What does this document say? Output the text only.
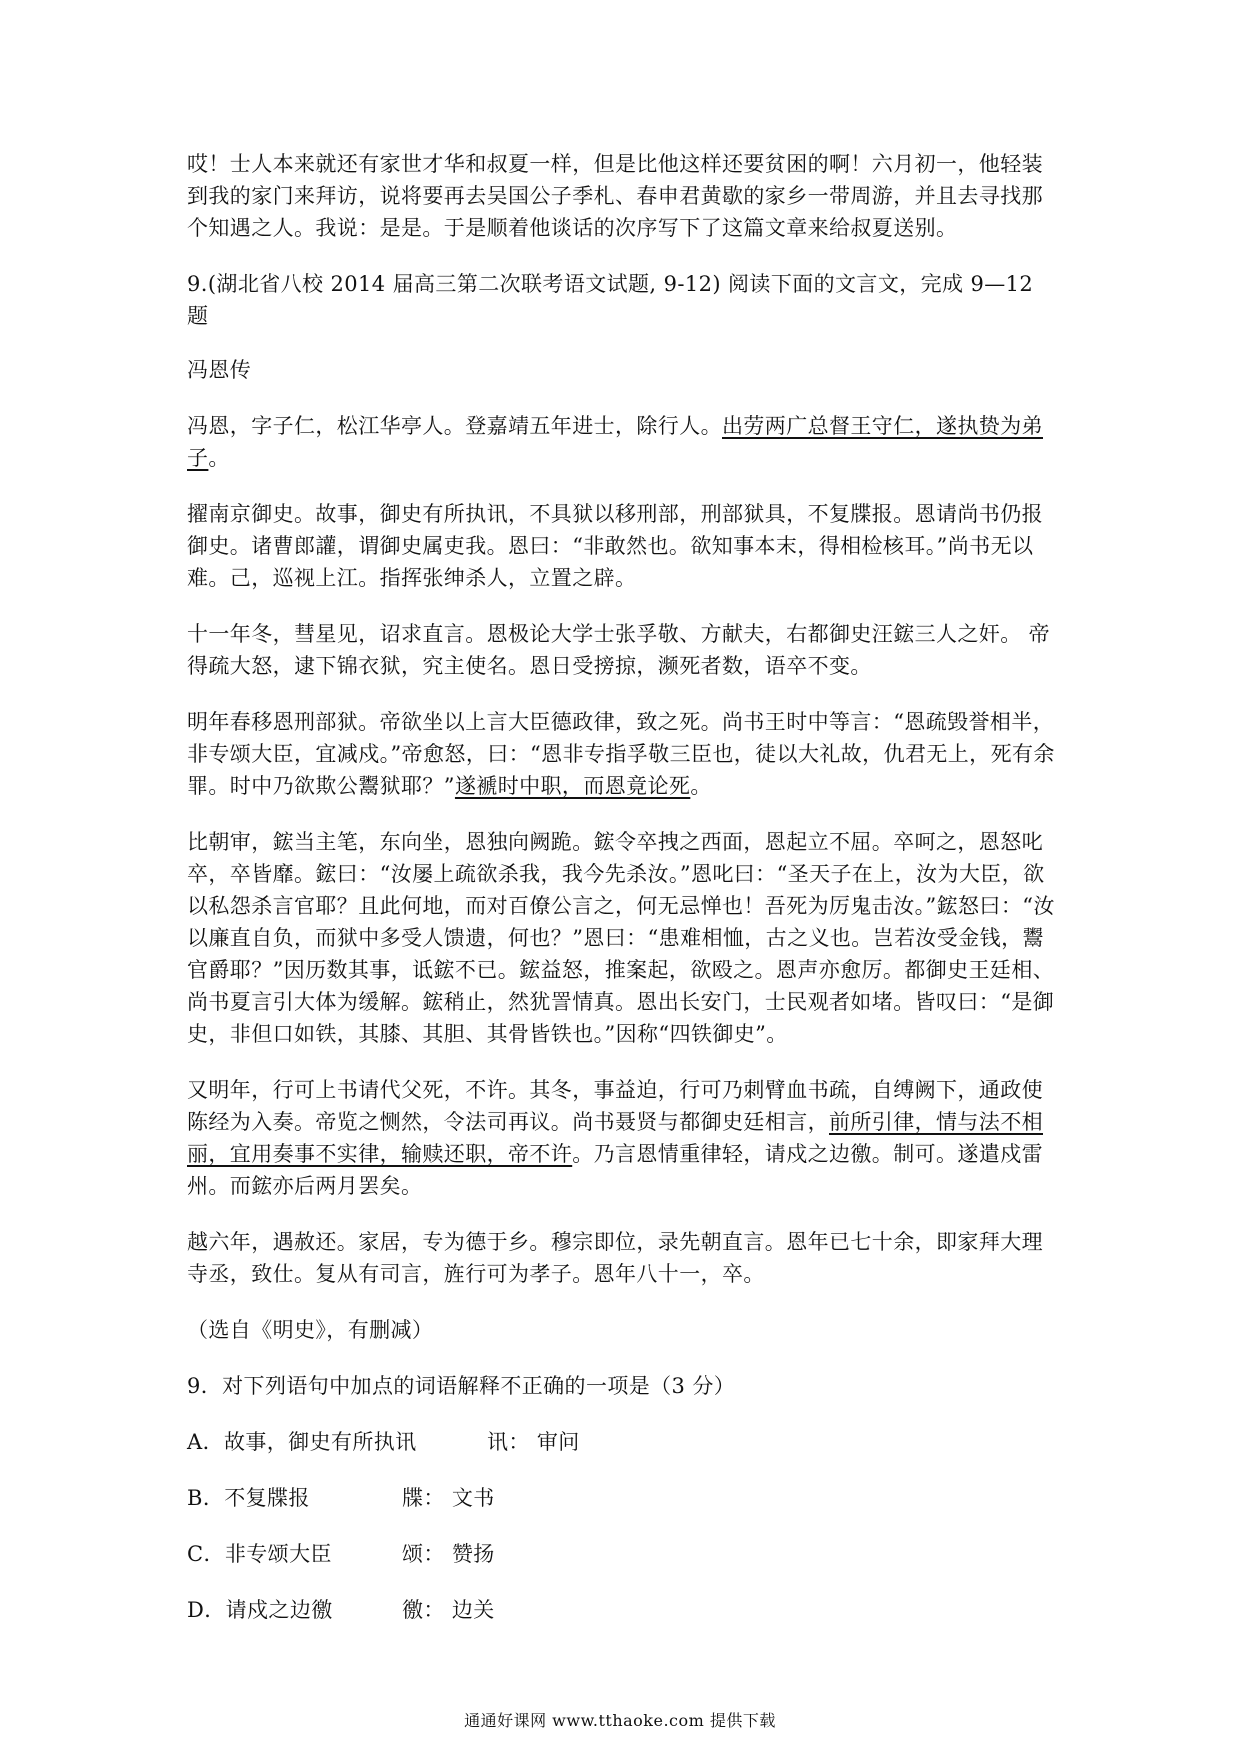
哎！士人本来就还有家世才华和叔夏一样，但是比他这样还要贫困的啊！六月初一，他轻装到我的家门来拜访，说将要再去吴国公子季札、春申君黄歇的家乡一带周游，并且去寻找那个知遇之人。我说：是是。于是顺着他谈话的次序写下了这篇文章来给叔夏送别。

9.(湖北省八校 2014 届高三第二次联考语文试题, 9-12) 阅读下面的文言文，完成 9—12 题

冯恩传

冯恩，字子仁，松江华亭人。登嘉靖五年进士，除行人。出劳两广总督王守仁，遂执贽为弟子。

擢南京御史。故事，御史有所执讯，不具狱以移刑部，刑部狱具，不复牒报。恩请尚书仍报御史。诸曹郎讙，谓御史属吏我。恩曰：“非敢然也。欲知事本末，得相检核耳。”尚书无以难。己，巡视上江。指挥张绅杀人，立置之辟。

十一年冬，彗星见，诏求直言。恩极论大学士张孚敬、方献夫，右都御史汪鋐三人之奸。 帝得疏大怒，逮下锦衣狱，究主使名。恩日受搒掠，濒死者数，语卒不变。

明年春移恩刑部狱。帝欲坐以上言大臣德政律，致之死。尚书王时中等言：“恩疏毁誉相半，非专颂大臣，宜减戍。”帝愈怒，曰：“恩非专指孚敬三臣也，徒以大礼故，仇君无上，死有余罪。时中乃欲欺公鬻狱耶？”遂褫时中职，而恩竟论死。

比朝审，鋐当主笔，东向坐，恩独向阙跪。鋐令卒拽之西面，恩起立不屈。卒呵之，恩怒叱卒，卒皆靡。鋐曰：“汝屡上疏欲杀我，我今先杀汝。”恩叱曰：“圣天子在上，汝为大臣，欲以私怨杀言官耶？且此何地，而对百僚公言之，何无忌惮也！吾死为厉鬼击汝。”鋐怒曰：“汝以廉直自负，而狱中多受人馈遗，何也？”恩曰：“患难相恤，古之义也。岂若汝受金钱，鬻官爵耶？”因历数其事，诋鋐不已。鋐益怒，推案起，欲殴之。恩声亦愈厉。都御史王廷相、尚书夏言引大体为缓解。鋐稍止，然犹詈情真。恩出长安门，士民观者如堵。皆叹曰：“是御史，非但口如铁，其膝、其胆、其骨皆铁也。”因称“四铁御史”。

又明年，行可上书请代父死，不许。其冬，事益迫，行可乃刺臂血书疏，自缚阙下，通政使陈经为入奏。帝览之恻然，令法司再议。尚书聂贤与都御史廷相言，前所引律，情与法不相丽，宜用奏事不实律，输赎还职，帝不许。乃言恩情重律轻，请戍之边徼。制可。遂遣戍雷州。而鋐亦后两月罢矣。

越六年，遇赦还。家居，专为德于乡。穆宗即位，录先朝直言。恩年已七十余，即家拜大理寺丞，致仕。复从有司言，旌行可为孝子。恩年八十一，卒。

（选自《明史》，有删减）

9．对下列语句中加点的词语解释不正确的一项是（3 分）

A．故事，御史有所执讯	讯： 审问
B．不复牒报	牒： 文书
C．非专颂大臣	颂： 赞扬
D．请戍之边徼	徼： 边关
通通好课网 www.tthaoke.com 提供下载
